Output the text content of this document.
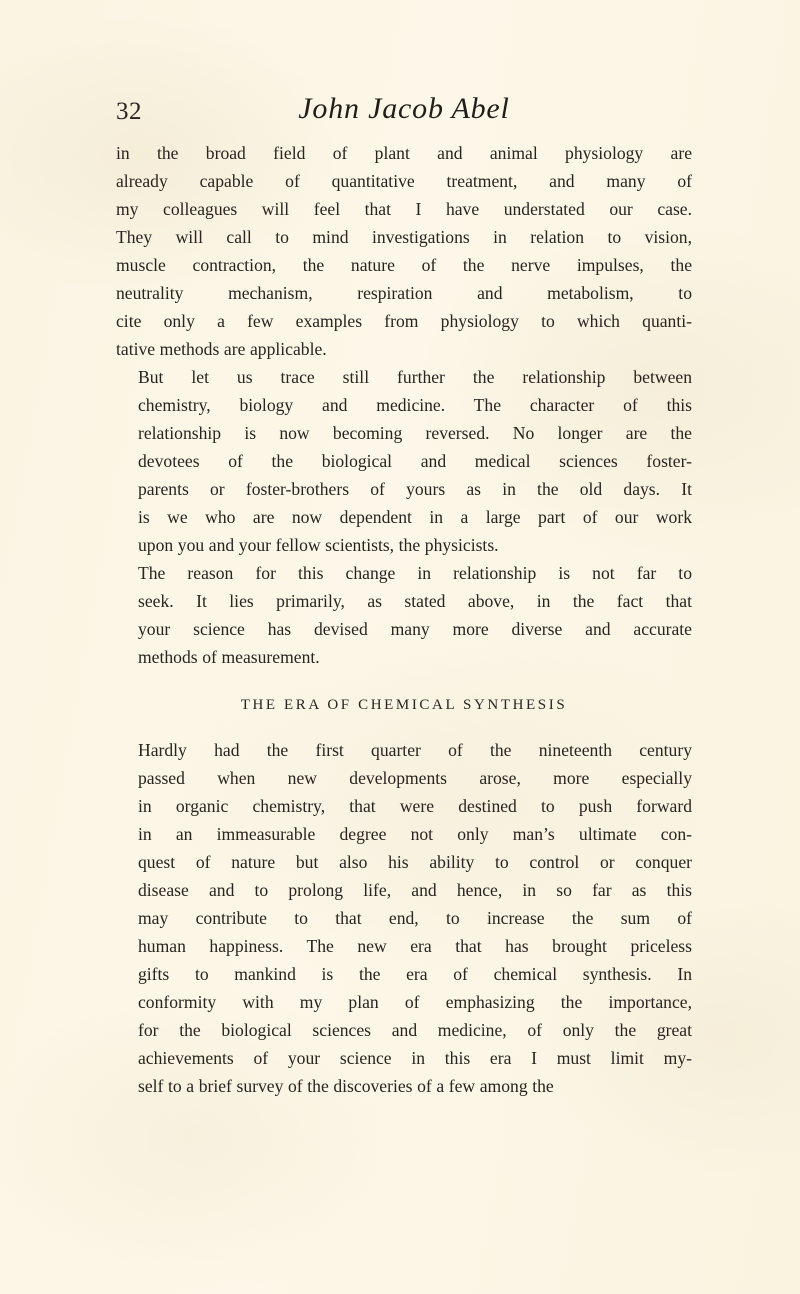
32	John Jacob Abel

in the broad field of plant and animal physiology are
already capable of quantitative treatment, and many of
my colleagues will feel that I have understated our case.
They will call to mind investigations in relation to vision,
muscle contraction, the nature of the nerve impulses, the
neutrality mechanism, respiration and metabolism, to
cite only a few examples from physiology to which quanti-
tative methods are applicable.

But let us trace still further the relationship between
chemistry, biology and medicine. The character of this
relationship is now becoming reversed. No longer are the
devotees of the biological and medical sciences foster-
parents or foster-brothers of yours as in the old days. It
is we who are now dependent in a large part of our work
upon you and your fellow scientists, the physicists.

The reason for this change in relationship is not far to
seek. It lies primarily, as stated above, in the fact that
your science has devised many more diverse and accurate
methods of measurement.

THE ERA OF CHEMICAL SYNTHESIS

Hardly had the first quarter of the nineteenth century
passed when new developments arose, more especially
in organic chemistry, that were destined to push forward
in an immeasurable degree not only man’s ultimate con-
quest of nature but also his ability to control or conquer
disease and to prolong life, and hence, in so far as this
may contribute to that end, to increase the sum of
human happiness. The new era that has brought priceless
gifts to mankind is the era of chemical synthesis. In
conformity with my plan of emphasizing the importance,
for the biological sciences and medicine, of only the great
achievements of your science in this era I must limit my-
self to a brief survey of the discoveries of a few among the
